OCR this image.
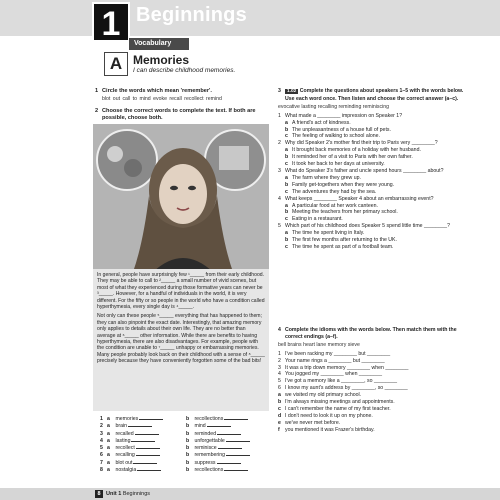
1 Beginnings
Vocabulary
A Memories
I can describe childhood memories.
1 Circle the words which mean 'remember'.
blot out call to mind evoke recall recollect remind
2 Choose the correct words to complete the text. If both are possible, choose both.

In general, people have surprisingly few ¹_____ from their early childhood. They may be able to call to ²_____ a small number of vivid scenes, but most of what they experienced during those formative years can never be ³_____. However, for a handful of individuals in the world, it is very different. For the fifty or so people in the world who have a condition called hyperthymesia, every single day is ⁴_____.

Not only can these people ⁵_____ everything that has happened to them; they can also pinpoint the exact date. Interestingly, that amazing memory only applies to details about their own life. They are no better than average at ⁶_____ other information. While there are benefits to having hyperthymesia, there are also disadvantages. For example, people with the condition are unable to ⁷_____ unhappy or embarrassing memories. Many people probably look back on their childhood with a sense of ⁸_____ precisely because they have conveniently forgotten some of the bad bits!

1 a memories
2 a brain
3 a recalled
4 a lasting
5 a recollect
6 a recalling
7 a blot out
8 a nostalgia
b recollections
b mind
b reminded
b unforgettable
b reminisce
b remembering
b suppress
b recollections
3 1.02 Complete the questions about speakers 1–5 with the words below. Use each word once. Then listen and choose the correct answer (a–c).
evocative lasting recalling reminding reminiscing
1 What made a ________ impression on Speaker 1?
a A friend's act of kindness.
b The unpleasantness of a house full of pets.
c The feeling of walking to school alone.
2 Why did Speaker 2's mother find their trip to Paris very ________?
a It brought back memories of a holiday with her husband.
b It reminded her of a visit to Paris with her own father.
c It took her back to her days at university.
3 What do Speaker 3's father and uncle spend hours ________ about?
a The farm where they grew up.
b Family get-togethers when they were young.
c The adventures they had by the sea.
4 What keeps ________ Speaker 4 about an embarrassing event?
a A particular food at her work canteen.
b Meeting the teachers from her primary school.
c Eating in a restaurant.
5 Which part of his childhood does Speaker 5 spend little time ________?
a The time he spent living in Italy.
b The first few months after returning to the UK.
c The time he spent as part of a football team.
4 Complete the idioms with the words below. Then match them with the correct endings (a–f).
bell brains heart lane memory sieve
1 I've been racking my ________ but ________
2 Your name rings a ________ but ________
3 It was a trip down memory ________ when ________
4 You jogged my ________ when ________
5 I've got a memory like a ________, so ________
6 I know my aunt's address by ________, so ________
a we visited my old primary school.
b I'm always missing meetings and appointments.
c I can't remember the name of my first teacher.
d I don't need to look it up on my phone.
e we've never met before.
f you mentioned it was Frazer's birthday.
8 Unit 1 Beginnings
